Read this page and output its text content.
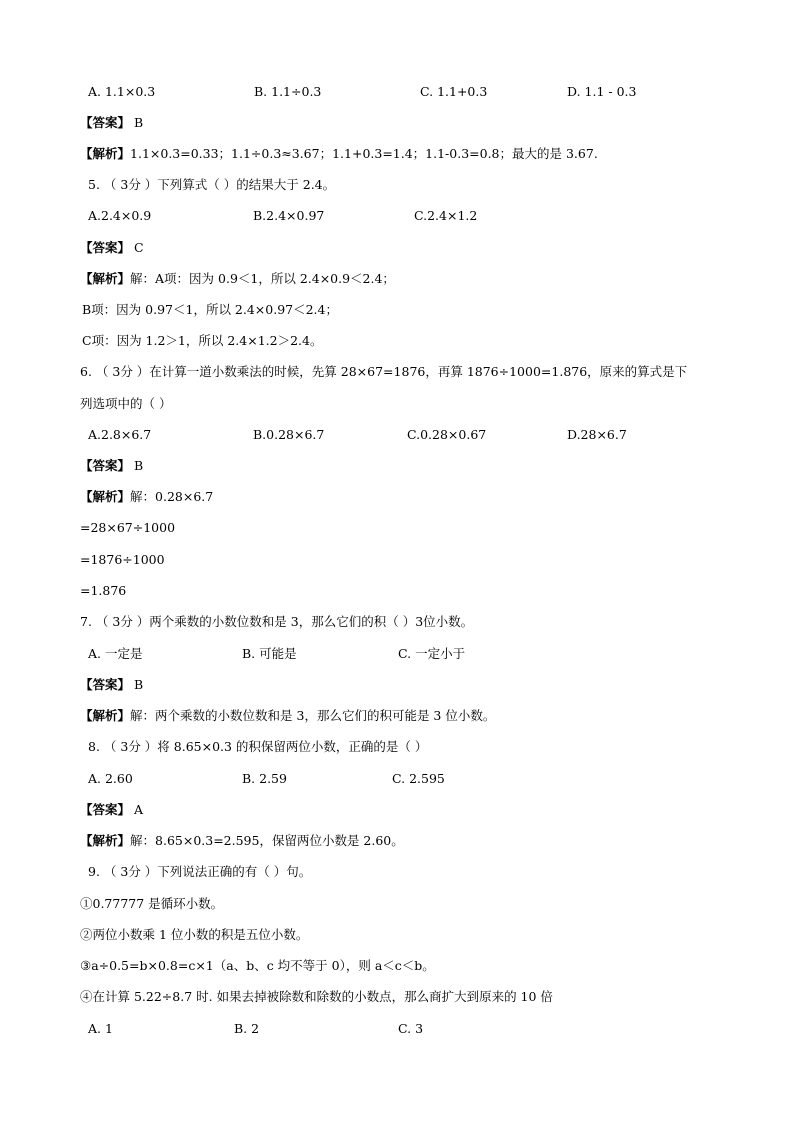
A. 1.1×0.3	B. 1.1÷0.3	C. 1.1+0.3	D. 1.1 - 0.3
【答案】 B
【解析】1.1×0.3=0.33；1.1÷0.3≈3.67；1.1+0.3=1.4；1.1-0.3=0.8；最大的是 3.67.
5. （ 3分 ）下列算式（ ）的结果大于 2.4。
A.2.4×0.9	B.2.4×0.97	C.2.4×1.2
【答案】 C
【解析】解：A项：因为 0.9＜1，所以 2.4×0.9＜2.4；
B项：因为 0.97＜1，所以 2.4×0.97＜2.4；
C项：因为 1.2＞1，所以 2.4×1.2＞2.4。
6. （ 3分 ）在计算一道小数乘法的时候，先算 28×67=1876，再算 1876÷1000=1.876，原来的算式是下
列选项中的（ ）
A.2.8×6.7	B.0.28×6.7	C.0.28×0.67	D.28×6.7
【答案】 B
【解析】解：0.28×6.7
=28×67÷1000
=1876÷1000
=1.876
7. （ 3分 ）两个乘数的小数位数和是 3，那么它们的积（ ）3位小数。
A. 一定是	B. 可能是	C. 一定小于
【答案】 B
【解析】解：两个乘数的小数位数和是 3，那么它们的积可能是 3 位小数。
8. （ 3分 ）将 8.65×0.3 的积保留两位小数，正确的是（ ）
A. 2.60	B. 2.59	C. 2.595
【答案】 A
【解析】解：8.65×0.3=2.595，保留两位小数是 2.60。
9. （ 3分 ）下列说法正确的有（ ）句。
①0.77777 是循环小数。
②两位小数乘 1 位小数的积是五位小数。
③a÷0.5=b×0.8=c×1（a、b、c 均不等于 0），则 a＜c＜b。
④在计算 5.22÷8.7 时. 如果去掉被除数和除数的小数点，那么商扩大到原来的 10 倍
A. 1	B. 2	C. 3
